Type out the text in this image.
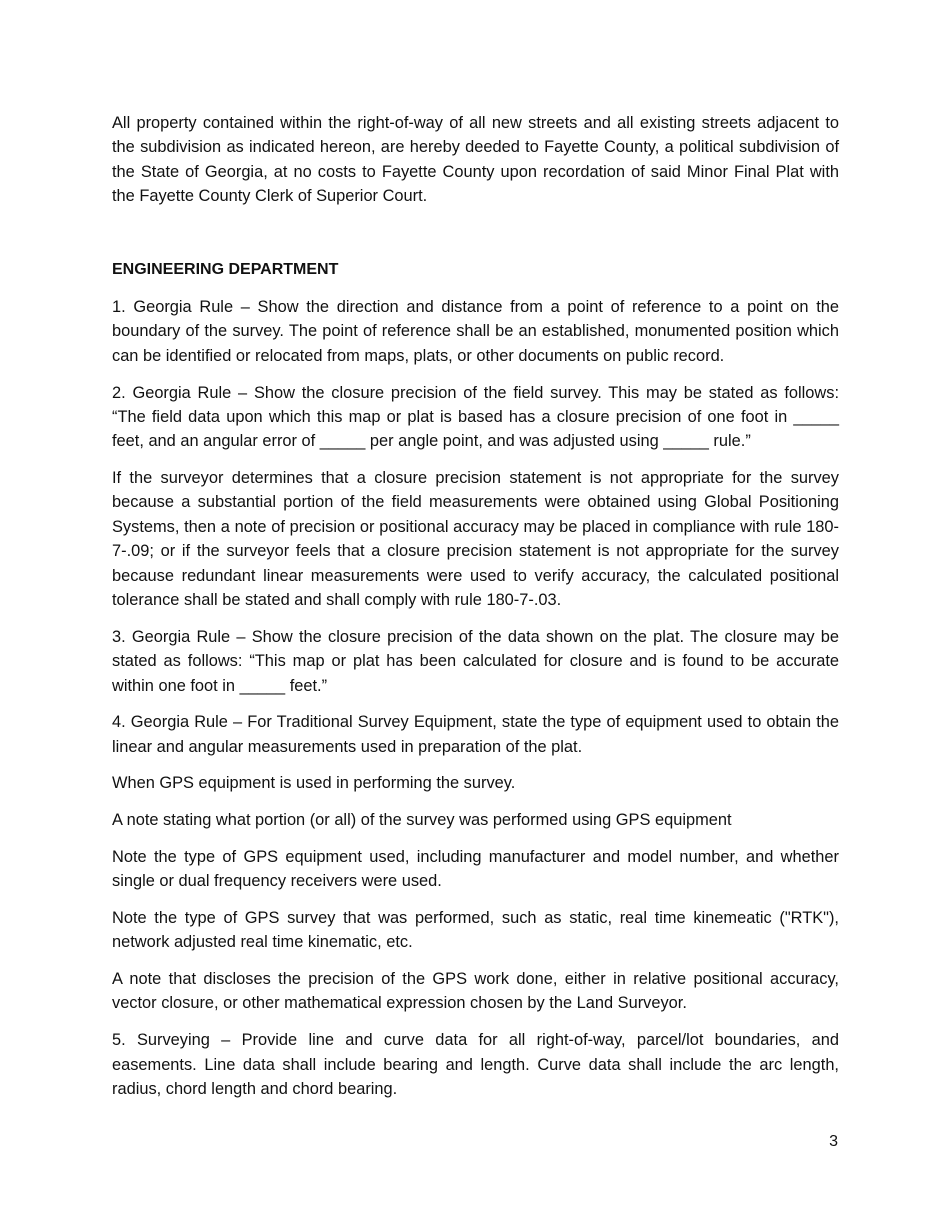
All property contained within the right-of-way of all new streets and all existing streets adjacent to the subdivision as indicated hereon, are hereby deeded to Fayette County, a political subdivision of the State of Georgia, at no costs to Fayette County upon recordation of said Minor Final Plat with the Fayette County Clerk of Superior Court.

ENGINEERING DEPARTMENT

1. Georgia Rule – Show the direction and distance from a point of reference to a point on the boundary of the survey. The point of reference shall be an established, monumented position which can be identified or relocated from maps, plats, or other documents on public record.

2. Georgia Rule – Show the closure precision of the field survey. This may be stated as follows: “The field data upon which this map or plat is based has a closure precision of one foot in _____ feet, and an angular error of _____ per angle point, and was adjusted using _____ rule.”

If the surveyor determines that a closure precision statement is not appropriate for the survey because a substantial portion of the field measurements were obtained using Global Positioning Systems, then a note of precision or positional accuracy may be placed in compliance with rule 180-7-.09; or if the surveyor feels that a closure precision statement is not appropriate for the survey because redundant linear measurements were used to verify accuracy, the calculated positional tolerance shall be stated and shall comply with rule 180-7-.03.

3. Georgia Rule – Show the closure precision of the data shown on the plat. The closure may be stated as follows: “This map or plat has been calculated for closure and is found to be accurate within one foot in _____ feet.”

4. Georgia Rule – For Traditional Survey Equipment, state the type of equipment used to obtain the linear and angular measurements used in preparation of the plat.

When GPS equipment is used in performing the survey.

A note stating what portion (or all) of the survey was performed using GPS equipment

Note the type of GPS equipment used, including manufacturer and model number, and whether single or dual frequency receivers were used.

Note the type of GPS survey that was performed, such as static, real time kinemeatic ("RTK"), network adjusted real time kinematic, etc.

A note that discloses the precision of the GPS work done, either in relative positional accuracy, vector closure, or other mathematical expression chosen by the Land Surveyor.

5. Surveying – Provide line and curve data for all right-of-way, parcel/lot boundaries, and easements. Line data shall include bearing and length. Curve data shall include the arc length, radius, chord length and chord bearing.

3
